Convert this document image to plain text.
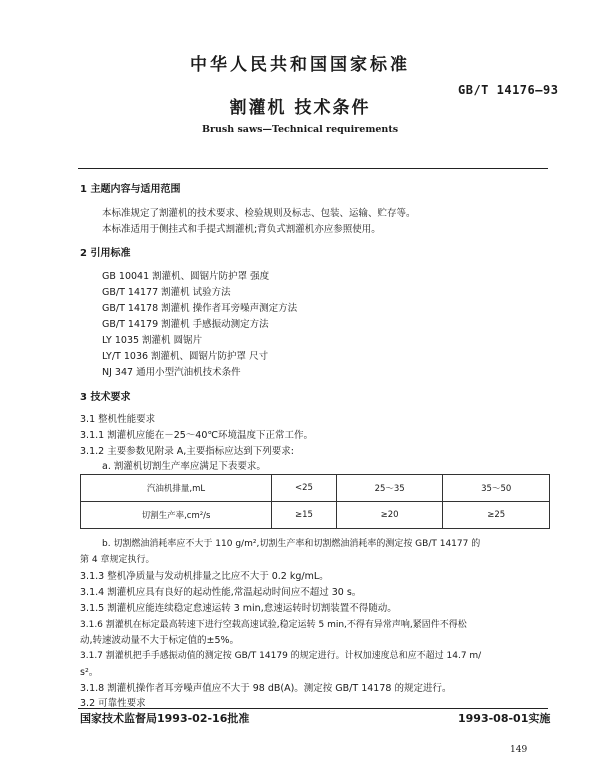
中华人民共和国国家标准
GB/T 14176—93
割灌机 技术条件
Brush saws—Technical requirements
1 主题内容与适用范围
本标准规定了割灌机的技术要求、检验规则及标志、包装、运输、贮存等。
本标准适用于侧挂式和手提式割灌机;背负式割灌机亦应参照使用。
2 引用标准
GB 10041 割灌机、圆锯片防护罩 强度
GB/T 14177 割灌机 试验方法
GB/T 14178 割灌机 操作者耳旁噪声测定方法
GB/T 14179 割灌机 手感振动测定方法
LY 1035 割灌机 圆锯片
LY/T 1036 割灌机、圆锯片防护罩 尺寸
NJ 347 通用小型汽油机技术条件
3 技术要求
3.1 整机性能要求
3.1.1 割灌机应能在－25～40℃环境温度下正常工作。
3.1.2 主要参数见附录 A,主要指标应达到下列要求:
a. 割灌机切割生产率应满足下表要求。
汽油机排量,mL	<25	25～35	35～50
切割生产率,cm²/s	≥15	≥20	≥25
b. 切割燃油消耗率应不大于 110 g/m²,切割生产率和切割燃油消耗率的测定按 GB/T 14177 的
第 4 章规定执行。
3.1.3 整机净质量与发动机排量之比应不大于 0.2 kg/mL。
3.1.4 割灌机应具有良好的起动性能,常温起动时间应不超过 30 s。
3.1.5 割灌机应能连续稳定怠速运转 3 min,怠速运转时切割装置不得随动。
3.1.6 割灌机在标定最高转速下进行空载高速试验,稳定运转 5 min,不得有异常声响,紧固件不得松
动,转速波动量不大于标定值的±5%。
3.1.7 割灌机把手手感振动值的测定按 GB/T 14179 的规定进行。计权加速度总和应不超过 14.7 m/
s²。
3.1.8 割灌机操作者耳旁噪声值应不大于 98 dB(A)。测定按 GB/T 14178 的规定进行。
3.2 可靠性要求
国家技术监督局1993-02-16批准	1993-08-01实施
149
